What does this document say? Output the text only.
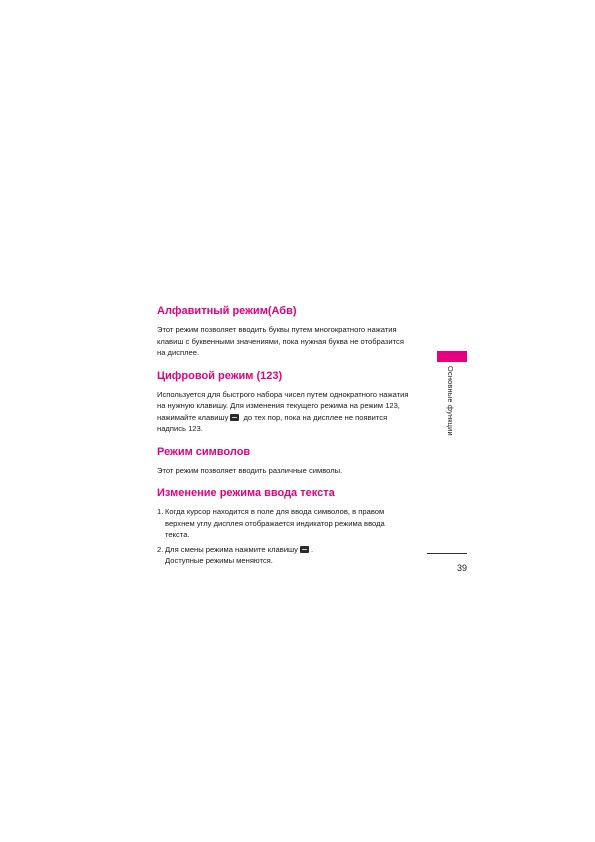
Алфавитный режим(Абв)

Этот режим позволяет вводить буквы путем многократного нажатия
клавиш с буквенными значениями, пока нужная буква не отобразится
на дисплее.

Цифровой режим (123)

Используется для быстрого набора чисел путем однократного нажатия
на нужную клавишу. Для изменения текущего режима на режим 123,
нажимайте клавишу до тех пор, пока на дисплее не появится
надпись 123.

Режим символов

Этот режим позволяет вводить различные символы.

Изменение режима ввода текста
1. Когда курсор находится в поле для ввода символов, в правом
верхнем углу дисплея отображается индикатор режима ввода
текста.
2. Для смены режима нажмите клавишу .
Доступные режимы меняются.
Основные функции
39
